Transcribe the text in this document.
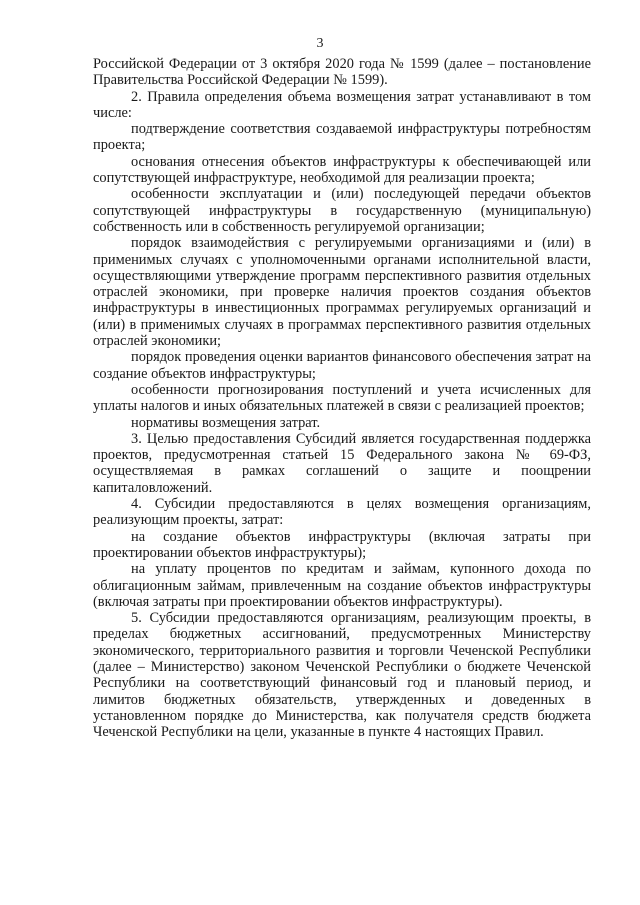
3

Российской Федерации от 3 октября 2020 года № 1599 (далее – постановление Правительства Российской Федерации № 1599).

2. Правила определения объема возмещения затрат устанавливают в том числе:

подтверждение соответствия создаваемой инфраструктуры потребностям проекта;

основания отнесения объектов инфраструктуры к обеспечивающей или сопутствующей инфраструктуре, необходимой для реализации проекта;

особенности эксплуатации и (или) последующей передачи объектов сопутствующей инфраструктуры в государственную (муниципальную) собственность или в собственность регулируемой организации;

порядок взаимодействия с регулируемыми организациями и (или) в применимых случаях с уполномоченными органами исполнительной власти, осуществляющими утверждение программ перспективного развития отдельных отраслей экономики, при проверке наличия проектов создания объектов инфраструктуры в инвестиционных программах регулируемых организаций и (или) в применимых случаях в программах перспективного развития отдельных отраслей экономики;

порядок проведения оценки вариантов финансового обеспечения затрат на создание объектов инфраструктуры;

особенности прогнозирования поступлений и учета исчисленных для уплаты налогов и иных обязательных платежей в связи с реализацией проектов;

нормативы возмещения затрат.

3. Целью предоставления Субсидий является государственная поддержка проектов, предусмотренная статьей 15 Федерального закона № 69-ФЗ, осуществляемая в рамках соглашений о защите и поощрении капиталовложений.

4. Субсидии предоставляются в целях возмещения организациям, реализующим проекты, затрат:

на создание объектов инфраструктуры (включая затраты при проектировании объектов инфраструктуры);

на уплату процентов по кредитам и займам, купонного дохода по облигационным займам, привлеченным на создание объектов инфраструктуры (включая затраты при проектировании объектов инфраструктуры).

5. Субсидии предоставляются организациям, реализующим проекты, в пределах бюджетных ассигнований, предусмотренных Министерству экономического, территориального развития и торговли Чеченской Республики (далее – Министерство) законом Чеченской Республики о бюджете Чеченской Республики на соответствующий финансовый год и плановый период, и лимитов бюджетных обязательств, утвержденных и доведенных в установленном порядке до Министерства, как получателя средств бюджета Чеченской Республики на цели, указанные в пункте 4 настоящих Правил.
